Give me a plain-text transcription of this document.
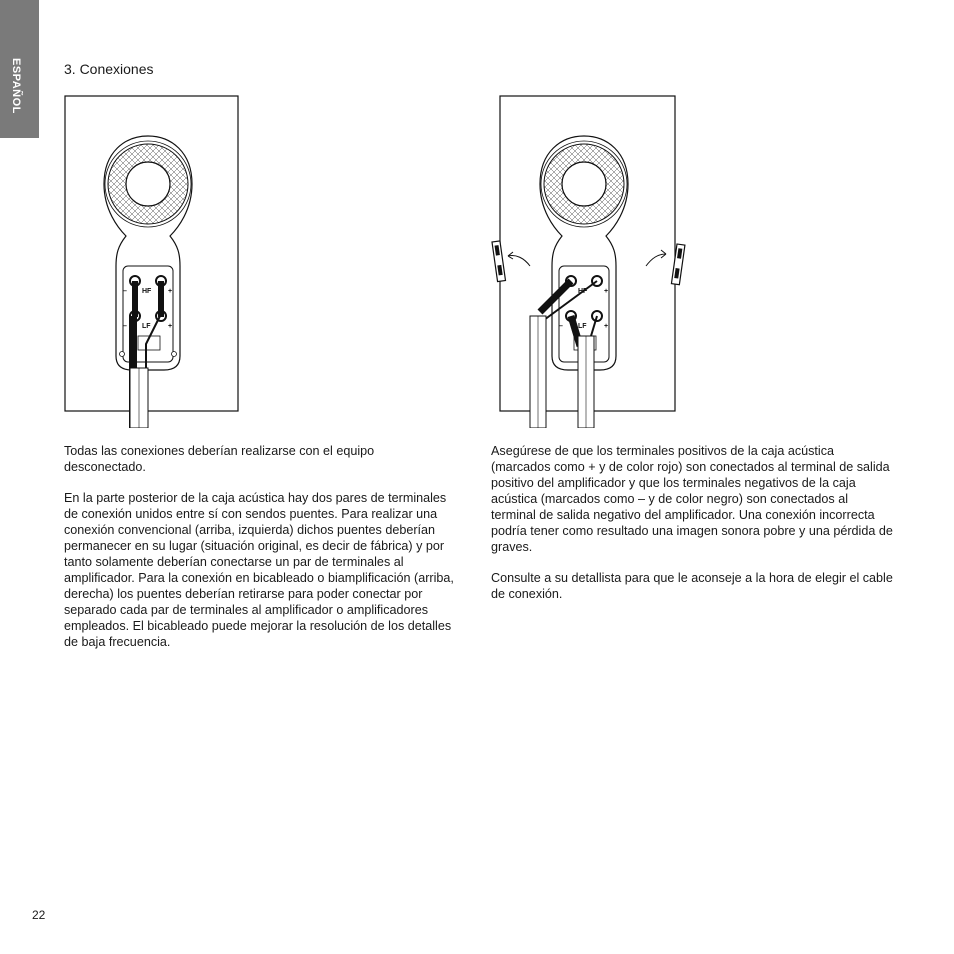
ESPAÑOL	3. Conexiones
– HF +
– LF +
– HF +
– LF +

Todas las conexiones deberían realizarse con el equipo desconectado.

En la parte posterior de la caja acústica hay dos pares de terminales de conexión unidos entre sí con sendos puentes. Para realizar una conexión convencional (arriba, izquierda) dichos puentes deberían permanecer en su lugar (situación original, es decir de fábrica) y por tanto solamente deberían conectarse un par de terminales al amplificador. Para la conexión en bicableado o biamplificación (arriba, derecha) los puentes deberían retirarse para poder conectar por separado cada par de terminales al amplificador o amplificadores empleados. El bicableado puede mejorar la resolución de los detalles de baja frecuencia.

Asegúrese de que los terminales positivos de la caja acústica (marcados como + y de color rojo) son conectados al terminal de salida positivo del amplificador y que los terminales negativos de la caja acústica (marcados como – y de color negro) son conectados al terminal de salida negativo del amplificador. Una conexión incorrecta podría tener como resultado una imagen sonora pobre y una pérdida de graves.

Consulte a su detallista para que le aconseje a la hora de elegir el cable de conexión.

22
